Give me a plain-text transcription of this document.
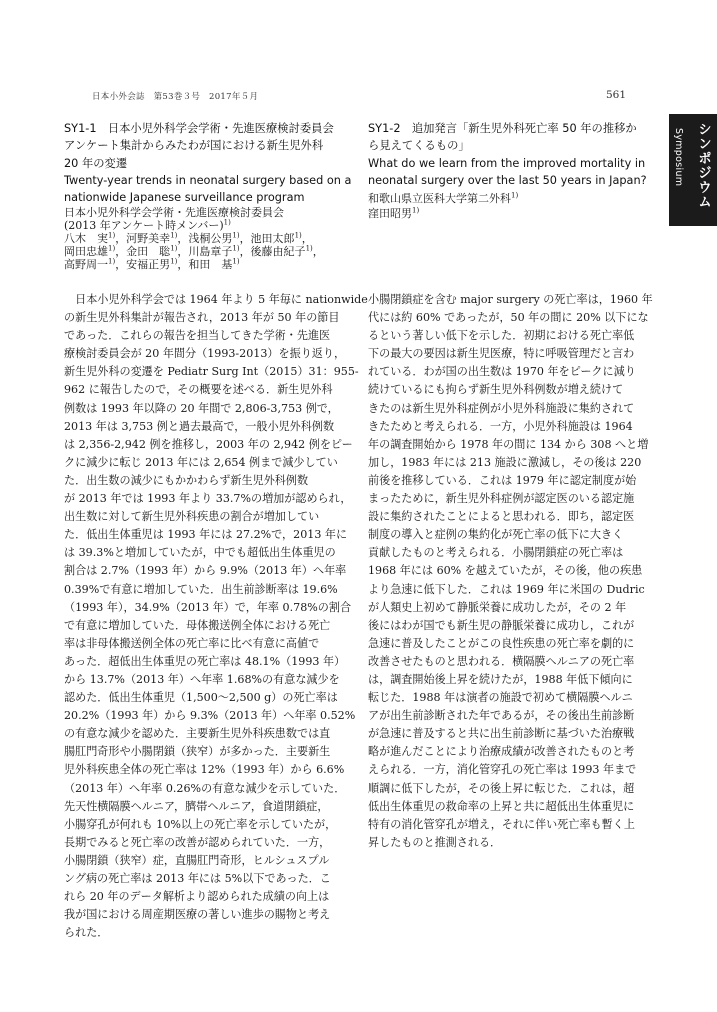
日本小外会誌　第53巻３号　2017年５月	561
シンポジウム
Symposium
SY1-1　日本小児外科学会学術・先進医療検討委員会
アンケート集計からみたわが国における新生児外科
20 年の変遷
Twenty-year trends in neonatal surgery based on a
nationwide Japanese surveillance program
日本小児外科学会学術・先進医療検討委員会
(2013 年アンケート時メンバー)$^{1)}$
八木　実$^{1)}$，河野美幸$^{1)}$，浅桐公男$^{1)}$，池田太郎$^{1)}$，
岡田忠雄$^{1)}$，金田　聡$^{1)}$，川島章子$^{1)}$，後藤由紀子$^{1)}$，
高野周一$^{1)}$，安福正男$^{1)}$，和田　基$^{1)}$
SY1-2　追加発言「新生児外科死亡率 50 年の推移か
ら見えてくるもの」
What do we learn from the improved mortality in
neonatal surgery over the last 50 years in Japan?
和歌山県立医科大学第二外科$^{1)}$
窪田昭男$^{1)}$
　日本小児外科学会では 1964 年より 5 年毎に nationwide
の新生児外科集計が報告され，2013 年が 50 年の節目
であった．これらの報告を担当してきた学術・先進医
療検討委員会が 20 年間分（1993-2013）を振り返り，
新生児外科の変遷を Pediatr Surg Int（2015）31：955-
962 に報告したので，その概要を述べる．新生児外科
例数は 1993 年以降の 20 年間で 2,806-3,753 例で，
2013 年は 3,753 例と過去最高で，一般小児外科例数
は 2,356-2,942 例を推移し，2003 年の 2,942 例をピー
クに減少に転じ 2013 年には 2,654 例まで減少してい
た．出生数の減少にもかかわらず新生児外科例数
が 2013 年では 1993 年より 33.7%の増加が認められ，
出生数に対して新生児外科疾患の割合が増加してい
た．低出生体重児は 1993 年には 27.2%で，2013 年に
は 39.3%と増加していたが，中でも超低出生体重児の
割合は 2.7%（1993 年）から 9.9%（2013 年）へ年率
0.39%で有意に増加していた．出生前診断率は 19.6%
（1993 年），34.9%（2013 年）で，年率 0.78%の割合
で有意に増加していた．母体搬送例全体における死亡
率は非母体搬送例全体の死亡率に比べ有意に高値で
あった．超低出生体重児の死亡率は 48.1%（1993 年）
から 13.7%（2013 年）へ年率 1.68%の有意な減少を
認めた．低出生体重児（1,500～2,500 g）の死亡率は
20.2%（1993 年）から 9.3%（2013 年）へ年率 0.52%
の有意な減少を認めた．主要新生児外科疾患数では直
腸肛門奇形や小腸閉鎖（狭窄）が多かった．主要新生
児外科疾患全体の死亡率は 12%（1993 年）から 6.6%
（2013 年）へ年率 0.26%の有意な減少を示していた．
先天性横隔膜ヘルニア，臍帯ヘルニア，食道閉鎖症，
小腸穿孔が何れも 10%以上の死亡率を示していたが，
長期でみると死亡率の改善が認められていた．一方，
小腸閉鎖（狭窄）症，直腸肛門奇形，ヒルシュスプル
ング病の死亡率は 2013 年には 5%以下であった．こ
れら 20 年のデータ解析より認められた成績の向上は
我が国における周産期医療の著しい進歩の賜物と考え
られた．
小腸閉鎖症を含む major surgery の死亡率は，1960 年
代には約 60% であったが，50 年の間に 20% 以下にな
るという著しい低下を示した．初期における死亡率低
下の最大の要因は新生児医療，特に呼吸管理だと言わ
れている．わが国の出生数は 1970 年をピークに減り
続けているにも拘らず新生児外科例数が増え続けて
きたのは新生児外科症例が小児外科施設に集約されて
きたためと考えられる．一方，小児外科施設は 1964
年の調査開始から 1978 年の間に 134 から 308 へと増
加し，1983 年には 213 施設に激減し，その後は 220
前後を推移している．これは 1979 年に認定制度が始
まったために，新生児外科症例が認定医のいる認定施
設に集約されたことによると思われる．即ち，認定医
制度の導入と症例の集約化が死亡率の低下に大きく
貢献したものと考えられる．小腸閉鎖症の死亡率は
1968 年には 60% を越えていたが，その後，他の疾患
より急速に低下した．これは 1969 年に米国の Dudric
が人類史上初めて静脈栄養に成功したが，その 2 年
後にはわが国でも新生児の静脈栄養に成功し，これが
急速に普及したことがこの良性疾患の死亡率を劇的に
改善させたものと思われる．横隔膜ヘルニアの死亡率
は，調査開始後上昇を続けたが，1988 年低下傾向に
転じた．1988 年は演者の施設で初めて横隔膜ヘルニ
アが出生前診断された年であるが，その後出生前診断
が急速に普及すると共に出生前診断に基づいた治療戦
略が進んだことにより治療成績が改善されたものと考
えられる．一方，消化管穿孔の死亡率は 1993 年まで
順調に低下したが，その後上昇に転じた．これは，超
低出生体重児の救命率の上昇と共に超低出生体重児に
特有の消化管穿孔が増え，それに伴い死亡率も暫く上
昇したものと推測される．
